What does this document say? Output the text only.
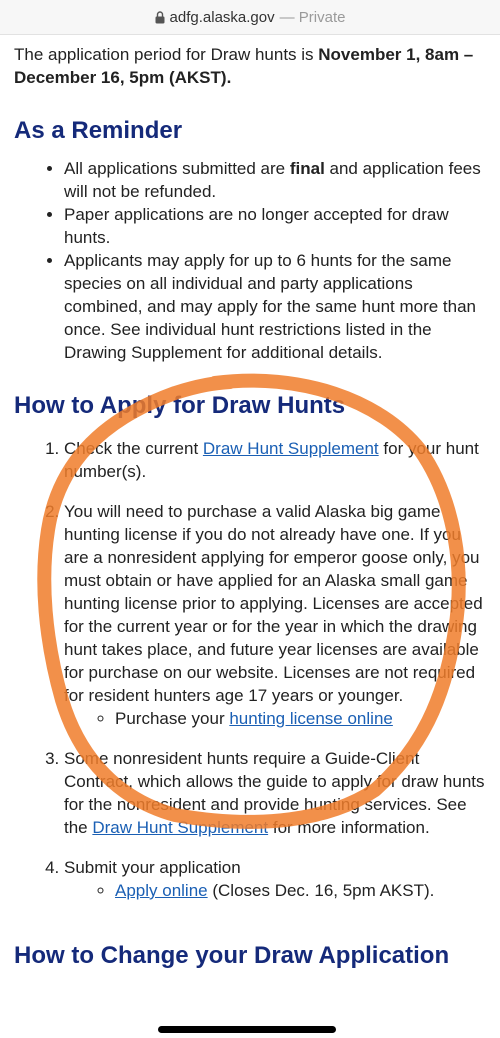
adfg.alaska.gov — Private

The application period for Draw hunts is November 1, 8am – December 16, 5pm (AKST).

As a Reminder
• All applications submitted are final and application fees will not be refunded.
• Paper applications are no longer accepted for draw hunts.
• Applicants may apply for up to 6 hunts for the same species on all individual and party applications combined, and may apply for the same hunt more than once. See individual hunt restrictions listed in the Drawing Supplement for additional details.
How to Apply for Draw Hunts
1. Check the current Draw Hunt Supplement for your hunt number(s).
2. You will need to purchase a valid Alaska big game hunting license if you do not already have one. If you are a nonresident applying for emperor goose only, you must obtain or have applied for an Alaska small game hunting license prior to applying. Licenses are accepted for the current year or for the year in which the drawing hunt takes place, and future year licenses are available for purchase on our website. Licenses are not required for resident hunters age 17 years or younger.
◦ Purchase your hunting license online
3. Some nonresident hunts require a Guide-Client Contract, which allows the guide to apply for draw hunts for the nonresident and provide hunting services. See the Draw Hunt Supplement for more information.
4. Submit your application
◦ Apply online (Closes Dec. 16, 5pm AKST).
How to Change your Draw Application
